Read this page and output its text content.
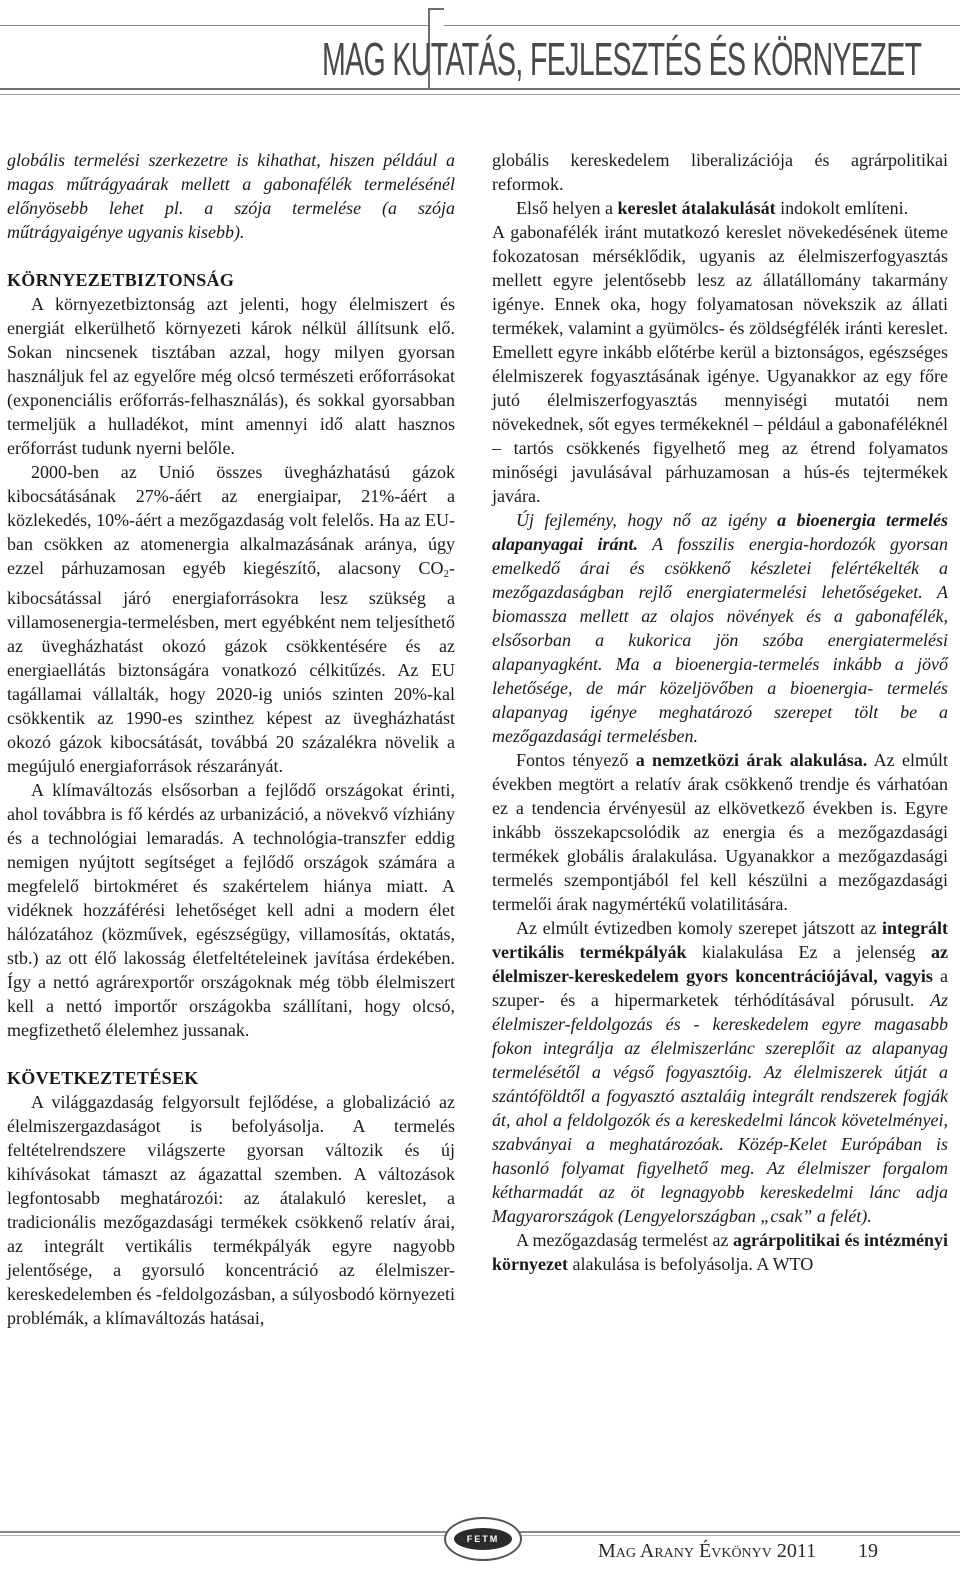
MAG KUTATÁS, FEJLESZTÉS ÉS KÖRNYEZET

globális termelési szerkezetre is kihathat, hiszen például a magas műtrágyaárak mellett a gabonafélék termelésénél előnyösebb lehet pl. a szója termelése (a szója műtrágyaigénye ugyanis kisebb).

KÖRNYEZETBIZTONSÁG

A környezetbiztonság azt jelenti, hogy élelmiszert és energiát elkerülhető környezeti károk nélkül állítsunk elő. Sokan nincsenek tisztában azzal, hogy milyen gyorsan használjuk fel az egyelőre még olcsó természeti erőforrásokat (exponenciális erőforrás-felhasználás), és sokkal gyorsabban termeljük a hulladékot, mint amennyi idő alatt hasznos erőforrást tudunk nyerni belőle.

2000-ben az Unió összes üvegházhatású gázok kibocsátásának 27%-áért az energiaipar, 21%-áért a közlekedés, 10%-áért a mezőgazdaság volt felelős. Ha az EU-ban csökken az atomenergia alkalmazásának aránya, úgy ezzel párhuzamosan egyéb kiegészítő, alacsony $CO_2$-kibocsátással járó energiaforrásokra lesz szükség a villamosenergia-termelésben, mert egyébként nem teljesíthető az üvegházhatást okozó gázok csökkentésére és az energiaellátás biztonságára vonatkozó célkitűzés. Az EU tagállamai vállalták, hogy 2020-ig uniós szinten 20%-kal csökkentik az 1990-es szinthez képest az üvegházhatást okozó gázok kibocsátását, továbbá 20 százalékra növelik a megújuló energiaforrások részarányát.

A klímaváltozás elsősorban a fejlődő országokat érinti, ahol továbbra is fő kérdés az urbanizáció, a növekvő vízhiány és a technológiai lemaradás. A technológia-transzfer eddig nemigen nyújtott segítséget a fejlődő országok számára a megfelelő birtokméret és szakértelem hiánya miatt. A vidéknek hozzáférési lehetőséget kell adni a modern élet hálózatához (közművek, egészségügy, villamosítás, oktatás, stb.) az ott élő lakosság életfeltételeinek javítása érdekében. Így a nettó agrárexportőr országoknak még több élelmiszert kell a nettó importőr országokba szállítani, hogy olcsó, megfizethető élelemhez jussanak.

KÖVETKEZTETÉSEK

A világgazdaság felgyorsult fejlődése, a globalizáció az élelmiszergazdaságot is befolyásolja. A termelés feltételrendszere világszerte gyorsan változik és új kihívásokat támaszt az ágazattal szemben. A változások legfontosabb meghatározói: az átalakuló kereslet, a tradicionális mezőgazdasági termékek csökkenő relatív árai, az integrált vertikális termékpályák egyre nagyobb jelentősége, a gyorsuló koncentráció az élelmiszer-kereskedelemben és -feldolgozásban, a súlyosbodó környezeti problémák, a klímaváltozás hatásai,

globális kereskedelem liberalizációja és agrárpolitikai reformok.

Első helyen a kereslet átalakulását indokolt említeni.

A gabonafélék iránt mutatkozó kereslet növekedésének üteme fokozatosan mérséklődik, ugyanis az élelmiszerfogyasztás mellett egyre jelentősebb lesz az állatállomány takarmány igénye. Ennek oka, hogy folyamatosan növekszik az állati termékek, valamint a gyümölcs- és zöldségfélék iránti kereslet. Emellett egyre inkább előtérbe kerül a biztonságos, egészséges élelmiszerek fogyasztásának igénye. Ugyanakkor az egy főre jutó élelmiszerfogyasztás mennyiségi mutatói nem növekednek, sőt egyes termékeknél – például a gabonaféléknél – tartós csökkenés figyelhető meg az étrend folyamatos minőségi javulásával párhuzamosan a hús-és tejtermékek javára.

Új fejlemény, hogy nő az igény a bioenergia termelés alapanyagai iránt. A fosszilis energia-hordozók gyorsan emelkedő árai és csökkenő készletei felértékelték a mezőgazdaságban rejlő energiatermelési lehetőségeket. A biomassza mellett az olajos növények és a gabonafélék, elsősorban a kukorica jön szóba energiatermelési alapanyagként. Ma a bioenergia-termelés inkább a jövő lehetősége, de már közeljövőben a bioenergia- termelés alapanyag igénye meghatározó szerepet tölt be a mezőgazdasági termelésben.

Fontos tényező a nemzetközi árak alakulása. Az elmúlt években megtört a relatív árak csökkenő trendje és várhatóan ez a tendencia érvényesül az elkövetkező években is. Egyre inkább összekapcsolódik az energia és a mezőgazdasági termékek globális áralakulása. Ugyanakkor a mezőgazdasági termelés szempontjából fel kell készülni a mezőgazdasági termelői árak nagymértékű volatilitására.

Az elmúlt évtizedben komoly szerepet játszott az integrált vertikális termékpályák kialakulása Ez a jelenség az élelmiszer-kereskedelem gyors koncentrációjával, vagyis a szuper- és a hipermarketek térhódításával pórusult. Az élelmiszer-feldolgozás és - kereskedelem egyre magasabb fokon integrálja az élelmiszerlánc szereplőit az alapanyag termelésétől a végső fogyasztóig. Az élelmiszerek útját a szántóföldtől a fogyasztó asztaláig integrált rendszerek fogják át, ahol a feldolgozók és a kereskedelmi láncok követelményei, szabványai a meghatározóak. Közép-Kelet Európában is hasonló folyamat figyelhető meg. Az élelmiszer forgalom kétharmadát az öt legnagyobb kereskedelmi lánc adja Magyarországok (Lengyelországban „csak” a felét).

A mezőgazdaság termelést az agrárpolitikai és intézményi környezet alakulása is befolyásolja. A WTO

FETM
Mag Arany Évkönyv 2011 19
